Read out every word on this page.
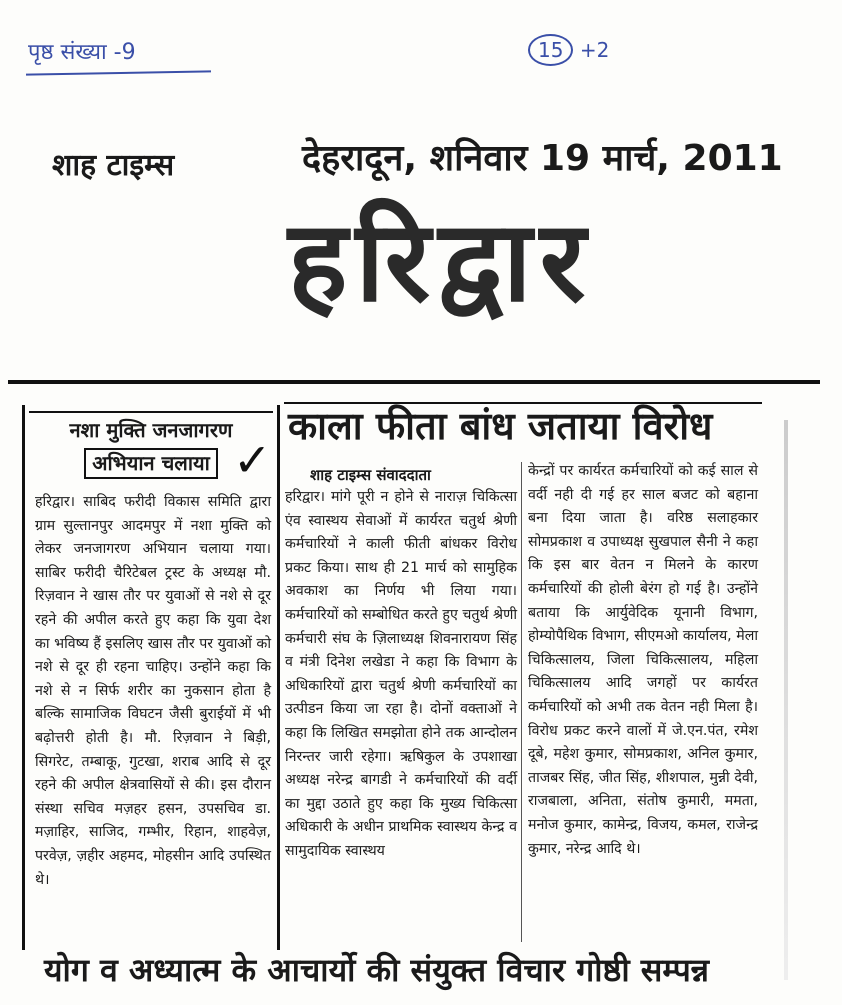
पृष्ठ संख्या -9	15 +2
शाह टाइम्स	देहरादून, शनिवार 19 मार्च, 2011
हरिद्वार
नशा मुक्ति जनजागरण
अभियान चलाया ✓
हरिद्वार। साबिद फरीदी विकास समिति द्वारा ग्राम सुल्तानपुर आदमपुर में नशा मुक्ति को लेकर जनजागरण अभियान चलाया गया। साबिर फरीदी चैरिटेबल ट्रस्ट के अध्यक्ष मौ. रिज़वान ने खास तौर पर युवाओं से नशे से दूर रहने की अपील करते हुए कहा कि युवा देश का भविष्य हैं इसलिए खास तौर पर युवाओं को नशे से दूर ही रहना चाहिए। उन्होंने कहा कि नशे से न सिर्फ शरीर का नुकसान होता है बल्कि सामाजिक विघटन जैसी बुराईयों में भी बढ़ोत्तरी होती है। मौ. रिज़वान ने बिड़ी, सिगरेट, तम्बाकू, गुटखा, शराब आदि से दूर रहने की अपील क्षेत्रवासियों से की। इस दौरान संस्था सचिव मज़हर हसन, उपसचिव डा. मज़ाहिर, साजिद, गम्भीर, रिहान, शाहवेज़, परवेज़, ज़हीर अहमद, मोहसीन आदि उपस्थित थे।
काला फीता बांध जताया विरोध
शाह टाइम्स संवाददाता
हरिद्वार। मांगे पूरी न होने से नाराज़ चिकित्सा एंव स्वास्थय सेवाओं में कार्यरत चतुर्थ श्रेणी कर्मचारियों ने काली फीती बांधकर विरोध प्रकट किया। साथ ही 21 मार्च को सामुहिक अवकाश का निर्णय भी लिया गया। कर्मचारियों को सम्बोधित करते हुए चतुर्थ श्रेणी कर्मचारी संघ के ज़िलाध्यक्ष शिवनारायण सिंह व मंत्री दिनेश लखेडा ने कहा कि विभाग के अधिकारियों द्वारा चतुर्थ श्रेणी कर्मचारियों का उत्पीडन किया जा रहा है। दोनों वक्ताओं ने कहा कि लिखित समझोता होने तक आन्दोलन निरन्तर जारी रहेगा। ऋषिकुल के उपशाखा अध्यक्ष नरेन्द्र बागडी ने कर्मचारियों की वर्दी का मुद्दा उठाते हुए कहा कि मुख्य चिकित्सा अधिकारी के अधीन प्राथमिक स्वास्थय केन्द्र व सामुदायिक स्वास्थय
केन्द्रों पर कार्यरत कर्मचारियों को कई साल से वर्दी नही दी गई हर साल बजट को बहाना बना दिया जाता है। वरिष्ठ सलाहकार सोमप्रकाश व उपाध्यक्ष सुखपाल सैनी ने कहा कि इस बार वेतन न मिलने के कारण कर्मचारियों की होली बेरंग हो गई है। उन्होंने बताया कि आर्युवेदिक यूनानी विभाग, होम्योपैथिक विभाग, सीएमओ कार्यालय, मेला चिकित्सालय, जिला चिकित्सालय, महिला चिकित्सालय आदि जगहों पर कार्यरत कर्मचारियों को अभी तक वेतन नही मिला है। विरोध प्रकट करने वालों में जे.एन.पंत, रमेश दूबे, महेश कुमार, सोमप्रकाश, अनिल कुमार, ताजबर सिंह, जीत सिंह, शीशपाल, मुन्नी देवी, राजबाला, अनिता, संतोष कुमारी, ममता, मनोज कुमार, कामेन्द्र, विजय, कमल, राजेन्द्र कुमार, नरेन्द्र आदि थे।
योग व अध्यात्म के आचार्यो की संयुक्त विचार गोष्ठी सम्पन्न
